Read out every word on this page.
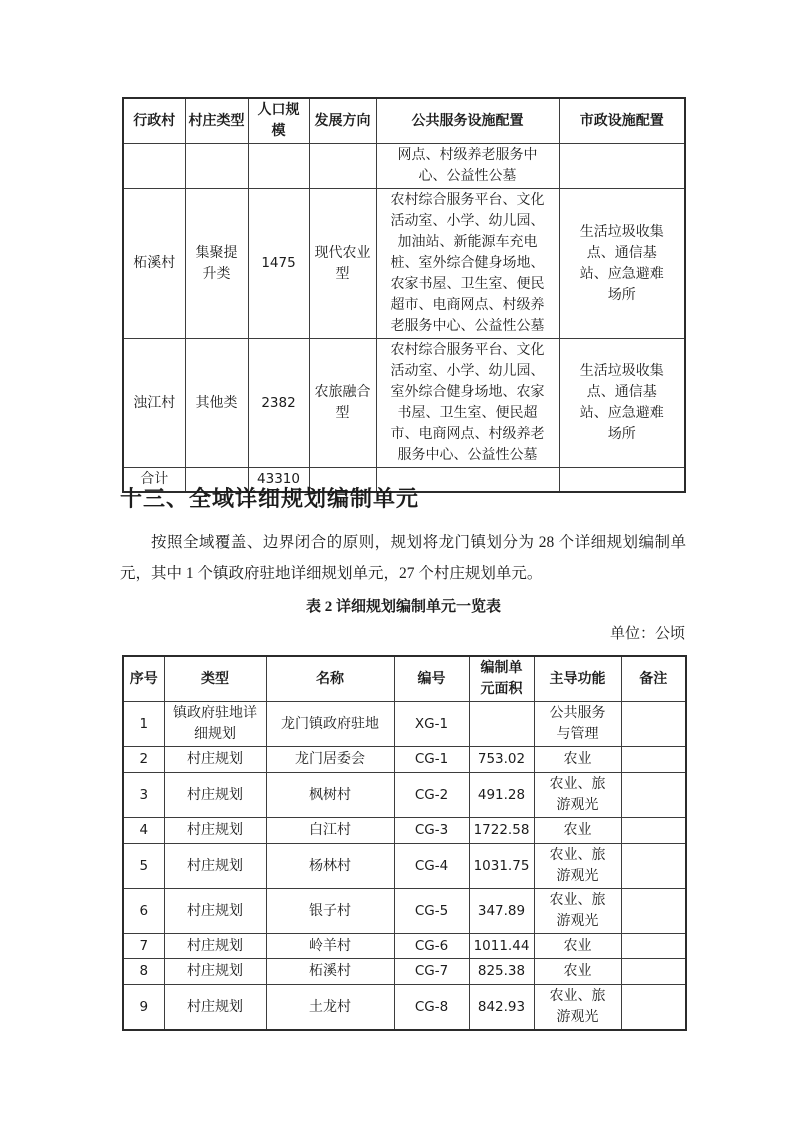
行政村	村庄类型	人口规模	发展方向	公共服务设施配置	市政设施配置
				网点、村级养老服务中心、公益性公墓	
柘溪村	集聚提升类	1475	现代农业型	农村综合服务平台、文化活动室、小学、幼儿园、加油站、新能源车充电桩、室外综合健身场地、农家书屋、卫生室、便民超市、电商网点、村级养老服务中心、公益性公墓	生活垃圾收集点、通信基站、应急避难场所
浊江村	其他类	2382	农旅融合型	农村综合服务平台、文化活动室、小学、幼儿园、室外综合健身场地、农家书屋、卫生室、便民超市、电商网点、村级养老服务中心、公益性公墓	生活垃圾收集点、通信基站、应急避难场所
合计		43310			
十三、全域详细规划编制单元

按照全域覆盖、边界闭合的原则，规划将龙门镇划分为 28 个详细规划编制单元，其中 1 个镇政府驻地详细规划单元，27 个村庄规划单元。

表 2 详细规划编制单元一览表
单位：公顷
序号	类型	名称	编号	编制单元面积	主导功能	备注
1	镇政府驻地详细规划	龙门镇政府驻地	XG-1		公共服务与管理	
2	村庄规划	龙门居委会	CG-1	753.02	农业	
3	村庄规划	枫树村	CG-2	491.28	农业、旅游观光	
4	村庄规划	白江村	CG-3	1722.58	农业	
5	村庄规划	杨林村	CG-4	1031.75	农业、旅游观光	
6	村庄规划	银子村	CG-5	347.89	农业、旅游观光	
7	村庄规划	岭羊村	CG-6	1011.44	农业	
8	村庄规划	柘溪村	CG-7	825.38	农业	
9	村庄规划	土龙村	CG-8	842.93	农业、旅游观光	
